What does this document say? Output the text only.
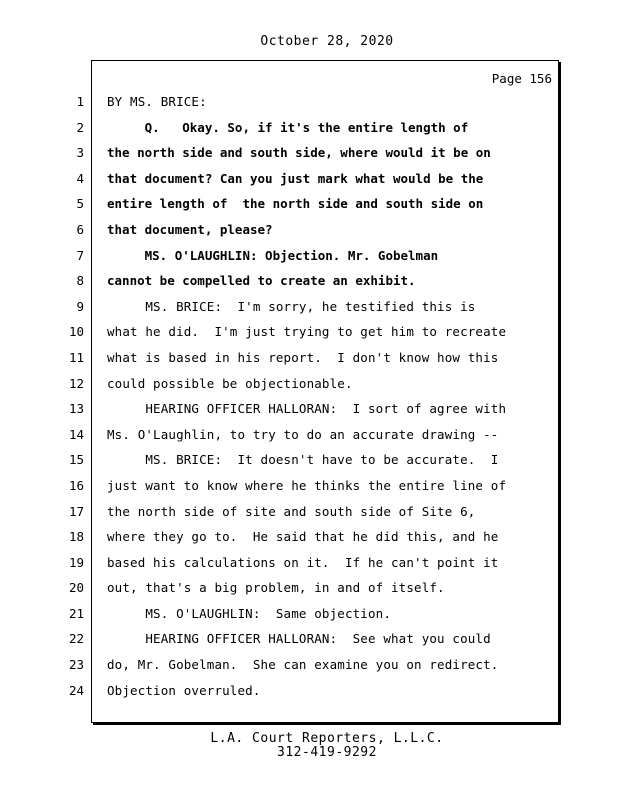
October 28, 2020
Page 156
1
2
3
4
5
6
7
8
9
10
11
12
13
14
15
16
17
18
19
20
21
22
23
24
BY MS. BRICE:
Q.   Okay. So, if it's the entire length of
the north side and south side, where would it be on
that document? Can you just mark what would be the
entire length of  the north side and south side on
that document, please?
MS. O'LAUGHLIN: Objection. Mr. Gobelman
cannot be compelled to create an exhibit.
MS. BRICE:  I'm sorry, he testified this is
what he did.  I'm just trying to get him to recreate
what is based in his report.  I don't know how this
could possible be objectionable.
HEARING OFFICER HALLORAN:  I sort of agree with
Ms. O'Laughlin, to try to do an accurate drawing --
MS. BRICE:  It doesn't have to be accurate.  I
just want to know where he thinks the entire line of
the north side of site and south side of Site 6,
where they go to.  He said that he did this, and he
based his calculations on it.  If he can't point it
out, that's a big problem, in and of itself.
MS. O'LAUGHLIN:  Same objection.
HEARING OFFICER HALLORAN:  See what you could
do, Mr. Gobelman.  She can examine you on redirect.
Objection overruled.
L.A. Court Reporters, L.L.C.
312-419-9292
